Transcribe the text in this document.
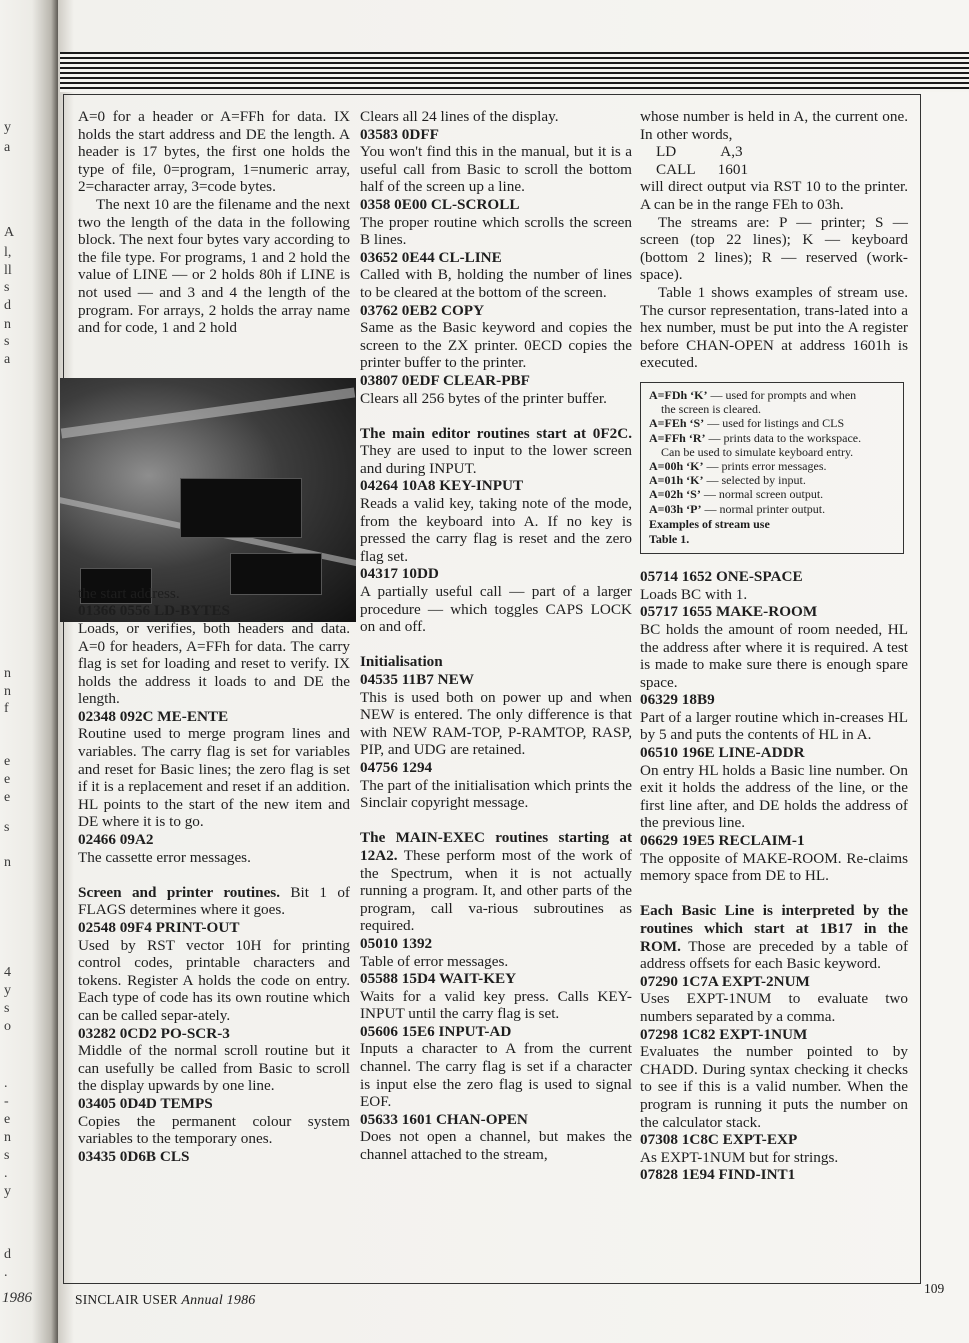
y
a
A
l,
ll
s
d
n
s
a
n
n
f
e
e
e
s
n
4
y
s
o
.
-
e
n
s
.
y
d
.
1986

A=0 for a header or A=FFh for data. IX holds the start address and DE the length. A header is 17 bytes, the first one holds the type of file, 0=program, 1=numeric array, 2=character array, 3=code bytes.

The next 10 are the filename and the next two the length of the data in the following block. The next four bytes vary according to the file type. For programs, 1 and 2 hold the value of LINE — or 2 holds 80h if LINE is not used — and 3 and 4 the length of the program. For arrays, 2 holds the array name and for code, 1 and 2 hold

the start address.

01366 0556 LD-BYTES

Loads, or verifies, both headers and data. A=0 for headers, A=FFh for data. The carry flag is set for loading and reset to verify. IX holds the address it loads to and DE the length.

02348 092C ME-ENTE

Routine used to merge program lines and variables. The carry flag is set for variables and reset for Basic lines; the zero flag is set if it is a replacement and reset if an addition. HL points to the start of the new item and DE where it is to go.

02466 09A2

The cassette error messages.

Screen and printer routines. Bit 1 of FLAGS determines where it goes.

02548 09F4 PRINT-OUT

Used by RST vector 10H for printing control codes, printable characters and tokens. Register A holds the code on entry. Each type of code has its own routine which can be called separ-ately.

03282 0CD2 PO-SCR-3

Middle of the normal scroll routine but it can usefully be called from Basic to scroll the display upwards by one line.

03405 0D4D TEMPS

Copies the permanent colour system variables to the temporary ones.

03435 0D6B CLS

Clears all 24 lines of the display.

03583 0DFF

You won't find this in the manual, but it is a useful call from Basic to scroll the bottom half of the screen up a line.

0358 0E00 CL-SCROLL

The proper routine which scrolls the screen B lines.

03652 0E44 CL-LINE

Called with B, holding the number of lines to be cleared at the bottom of the screen.

03762 0EB2 COPY

Same as the Basic keyword and copies the screen to the ZX printer. 0ECD copies the printer buffer to the printer.

03807 0EDF CLEAR-PBF

Clears all 256 bytes of the printer buffer.

The main editor routines start at 0F2C. They are used to input to the lower screen and during INPUT.

04264 10A8 KEY-INPUT

Reads a valid key, taking note of the mode, from the keyboard into A. If no key is pressed the carry flag is reset and the zero flag set.

04317 10DD

A partially useful call — part of a larger procedure — which toggles CAPS LOCK on and off.

Initialisation

04535 11B7 NEW

This is used both on power up and when NEW is entered. The only difference is that with NEW RAM-TOP, P-RAMTOP, RASP, PIP, and UDG are retained.

04756 1294

The part of the initialisation which prints the Sinclair copyright message.

The MAIN-EXEC routines starting at 12A2. These perform most of the work of the Spectrum, when it is not actually running a program. It, and other parts of the program, call va-rious subroutines as required.

05010 1392

Table of error messages.

05588 15D4 WAIT-KEY

Waits for a valid key press. Calls KEY-INPUT until the carry flag is set.

05606 15E6 INPUT-AD

Inputs a character to A from the current channel. The carry flag is set if a character is input else the zero flag is used to signal EOF.

05633 1601 CHAN-OPEN

Does not open a channel, but makes the channel attached to the stream,

whose number is held in A, the current one. In other words,

LD	A,3

CALL 1601

will direct output via RST 10 to the printer. A can be in the range FEh to 03h.

The streams are: P — printer; S — screen (top 22 lines); K — keyboard (bottom 2 lines); R — reserved (work-space).

Table 1 shows examples of stream use. The cursor representation, trans-lated into a hex number, must be put into the A register before CHAN-OPEN at address 1601h is executed.

A=FDh ‘K’ — used for prompts and when
the screen is cleared.
A=FEh ‘S’ — used for listings and CLS
A=FFh ‘R’ — prints data to the workspace.
Can be used to simulate keyboard entry.
A=00h ‘K’ — prints error messages.
A=01h ‘K’ — selected by input.
A=02h ‘S’ — normal screen output.
A=03h ‘P’ — normal printer output.
Examples of stream use
Table 1.

05714 1652 ONE-SPACE

Loads BC with 1.

05717 1655 MAKE-ROOM

BC holds the amount of room needed, HL the address after where it is required. A test is made to make sure there is enough spare space.

06329 18B9

Part of a larger routine which in-creases HL by 5 and puts the contents of HL in A.

06510 196E LINE-ADDR

On entry HL holds a Basic line number. On exit it holds the address of the line, or the first line after, and DE holds the address of the previous line.

06629 19E5 RECLAIM-1

The opposite of MAKE-ROOM. Re-claims memory space from DE to HL.

Each Basic Line is interpreted by the routines which start at 1B17 in the ROM. Those are preceded by a table of address offsets for each Basic keyword.

07290 1C7A EXPT-2NUM

Uses EXPT-1NUM to evaluate two numbers separated by a comma.

07298 1C82 EXPT-1NUM

Evaluates the number pointed to by CHADD. During syntax checking it checks to see if this is a valid number. When the program is running it puts the number on the calculator stack.

07308 1C8C EXPT-EXP

As EXPT-1NUM but for strings.

07828 1E94 FIND-INT1

SINCLAIR USER Annual 1986
109
